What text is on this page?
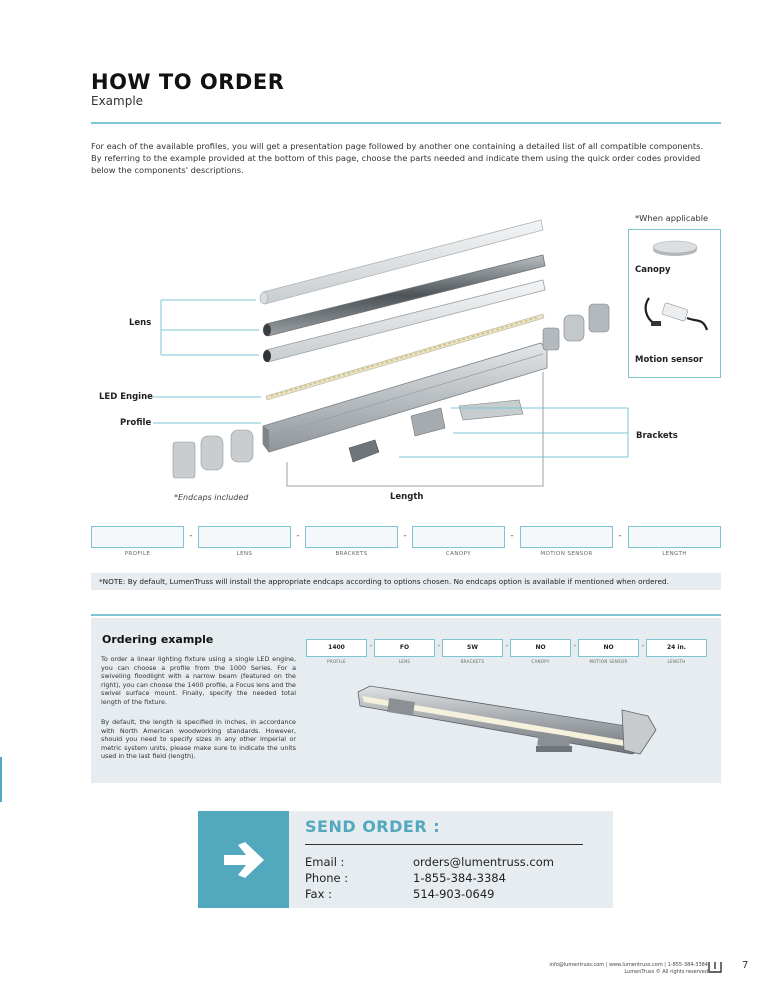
HOW TO ORDER
Example
For each of the available profiles, you will get a presentation page followed by another one containing a detailed list of all compatible components.
By referring to the example provided at the bottom of this page, choose the parts needed and indicate them using the quick order codes provided
below the components' descriptions.
Lens
LED Engine
Profile
*Endcaps included	Length
Brackets
*When applicable
Canopy
Motion sensor
-	-	-	-	-
PROFILE	LENS	BRACKETS	CANOPY	MOTION SENSOR	LENGTH
*NOTE: By default, LumenTruss will install the appropriate endcaps according to options chosen. No endcaps option is available if mentioned when ordered.
Ordering example
To order a linear lighting fixture using a single LED engine, you can choose a profile from the 1000 Series. For a swiveling floodlight with a narrow beam (featured on the right), you can choose the 1400 profile, a Focus lens and the swivel surface mount. Finally, specify the needed total length of the fixture.
By default, the length is specified in inches, in accordance with North American woodworking standards. However, should you need to specify sizes in any other imperial or metric system units, please make sure to indicate the units used in the last field (length).
1400	-	FO	-	SW	-	NO	-	NO	-	24 in.
PROFILE	LENS	BRACKETS	CANOPY	MOTION SENSOR	LENGTH
SEND ORDER :
Email :	orders@lumentruss.com
Phone :	1-855-384-3384
Fax :	514-903-0649
info@lumentruss.com | www.lumentruss.com | 1-855-384-3384
LumenTruss © All rights reserved
7
